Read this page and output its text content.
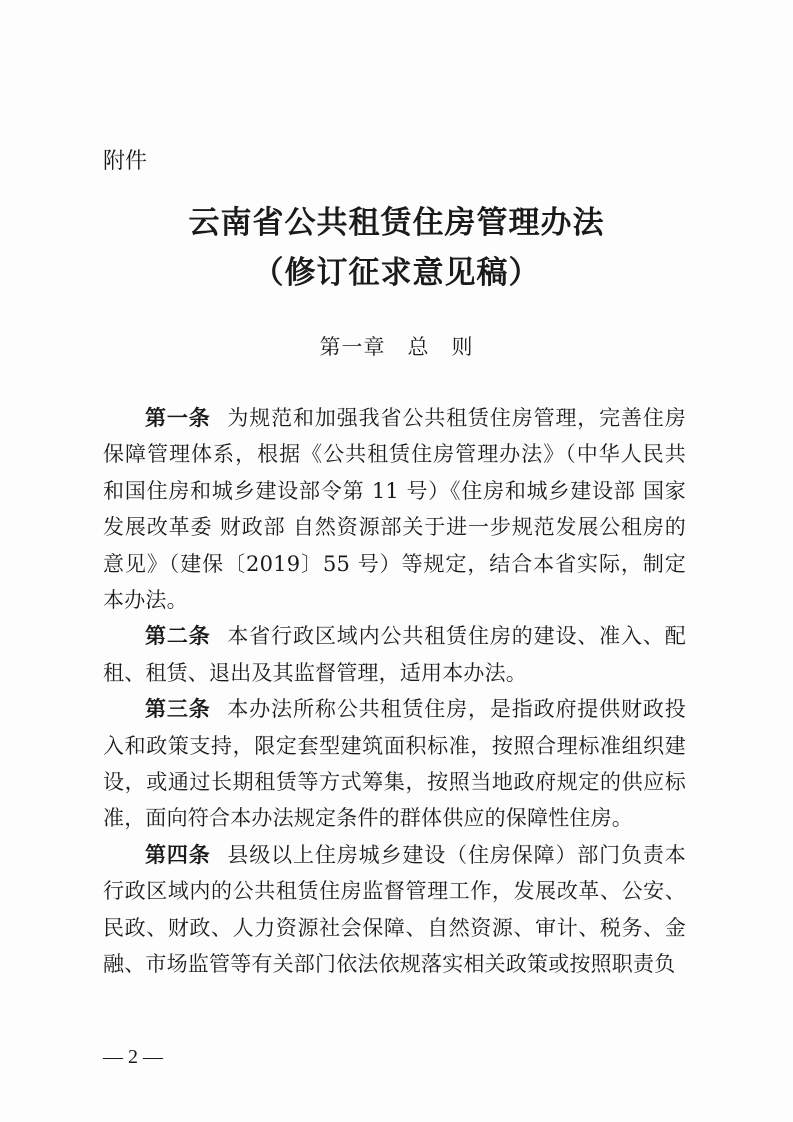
附件
云南省公共租赁住房管理办法
（修订征求意见稿）
第一章　总　则

第一条 为规范和加强我省公共租赁住房管理，完善住房保障管理体系，根据《公共租赁住房管理办法》（中华人民共和国住房和城乡建设部令第 11 号）《住房和城乡建设部 国家发展改革委 财政部 自然资源部关于进一步规范发展公租房的意见》（建保〔2019〕55 号）等规定，结合本省实际，制定本办法。

第二条 本省行政区域内公共租赁住房的建设、准入、配租、租赁、退出及其监督管理，适用本办法。

第三条 本办法所称公共租赁住房，是指政府提供财政投入和政策支持，限定套型建筑面积标准，按照合理标准组织建设，或通过长期租赁等方式筹集，按照当地政府规定的供应标准，面向符合本办法规定条件的群体供应的保障性住房。

第四条 县级以上住房城乡建设（住房保障）部门负责本行政区域内的公共租赁住房监督管理工作，发展改革、公安、民政、财政、人力资源社会保障、自然资源、审计、税务、金融、市场监管等有关部门依法依规落实相关政策或按照职责负

— 2 —
